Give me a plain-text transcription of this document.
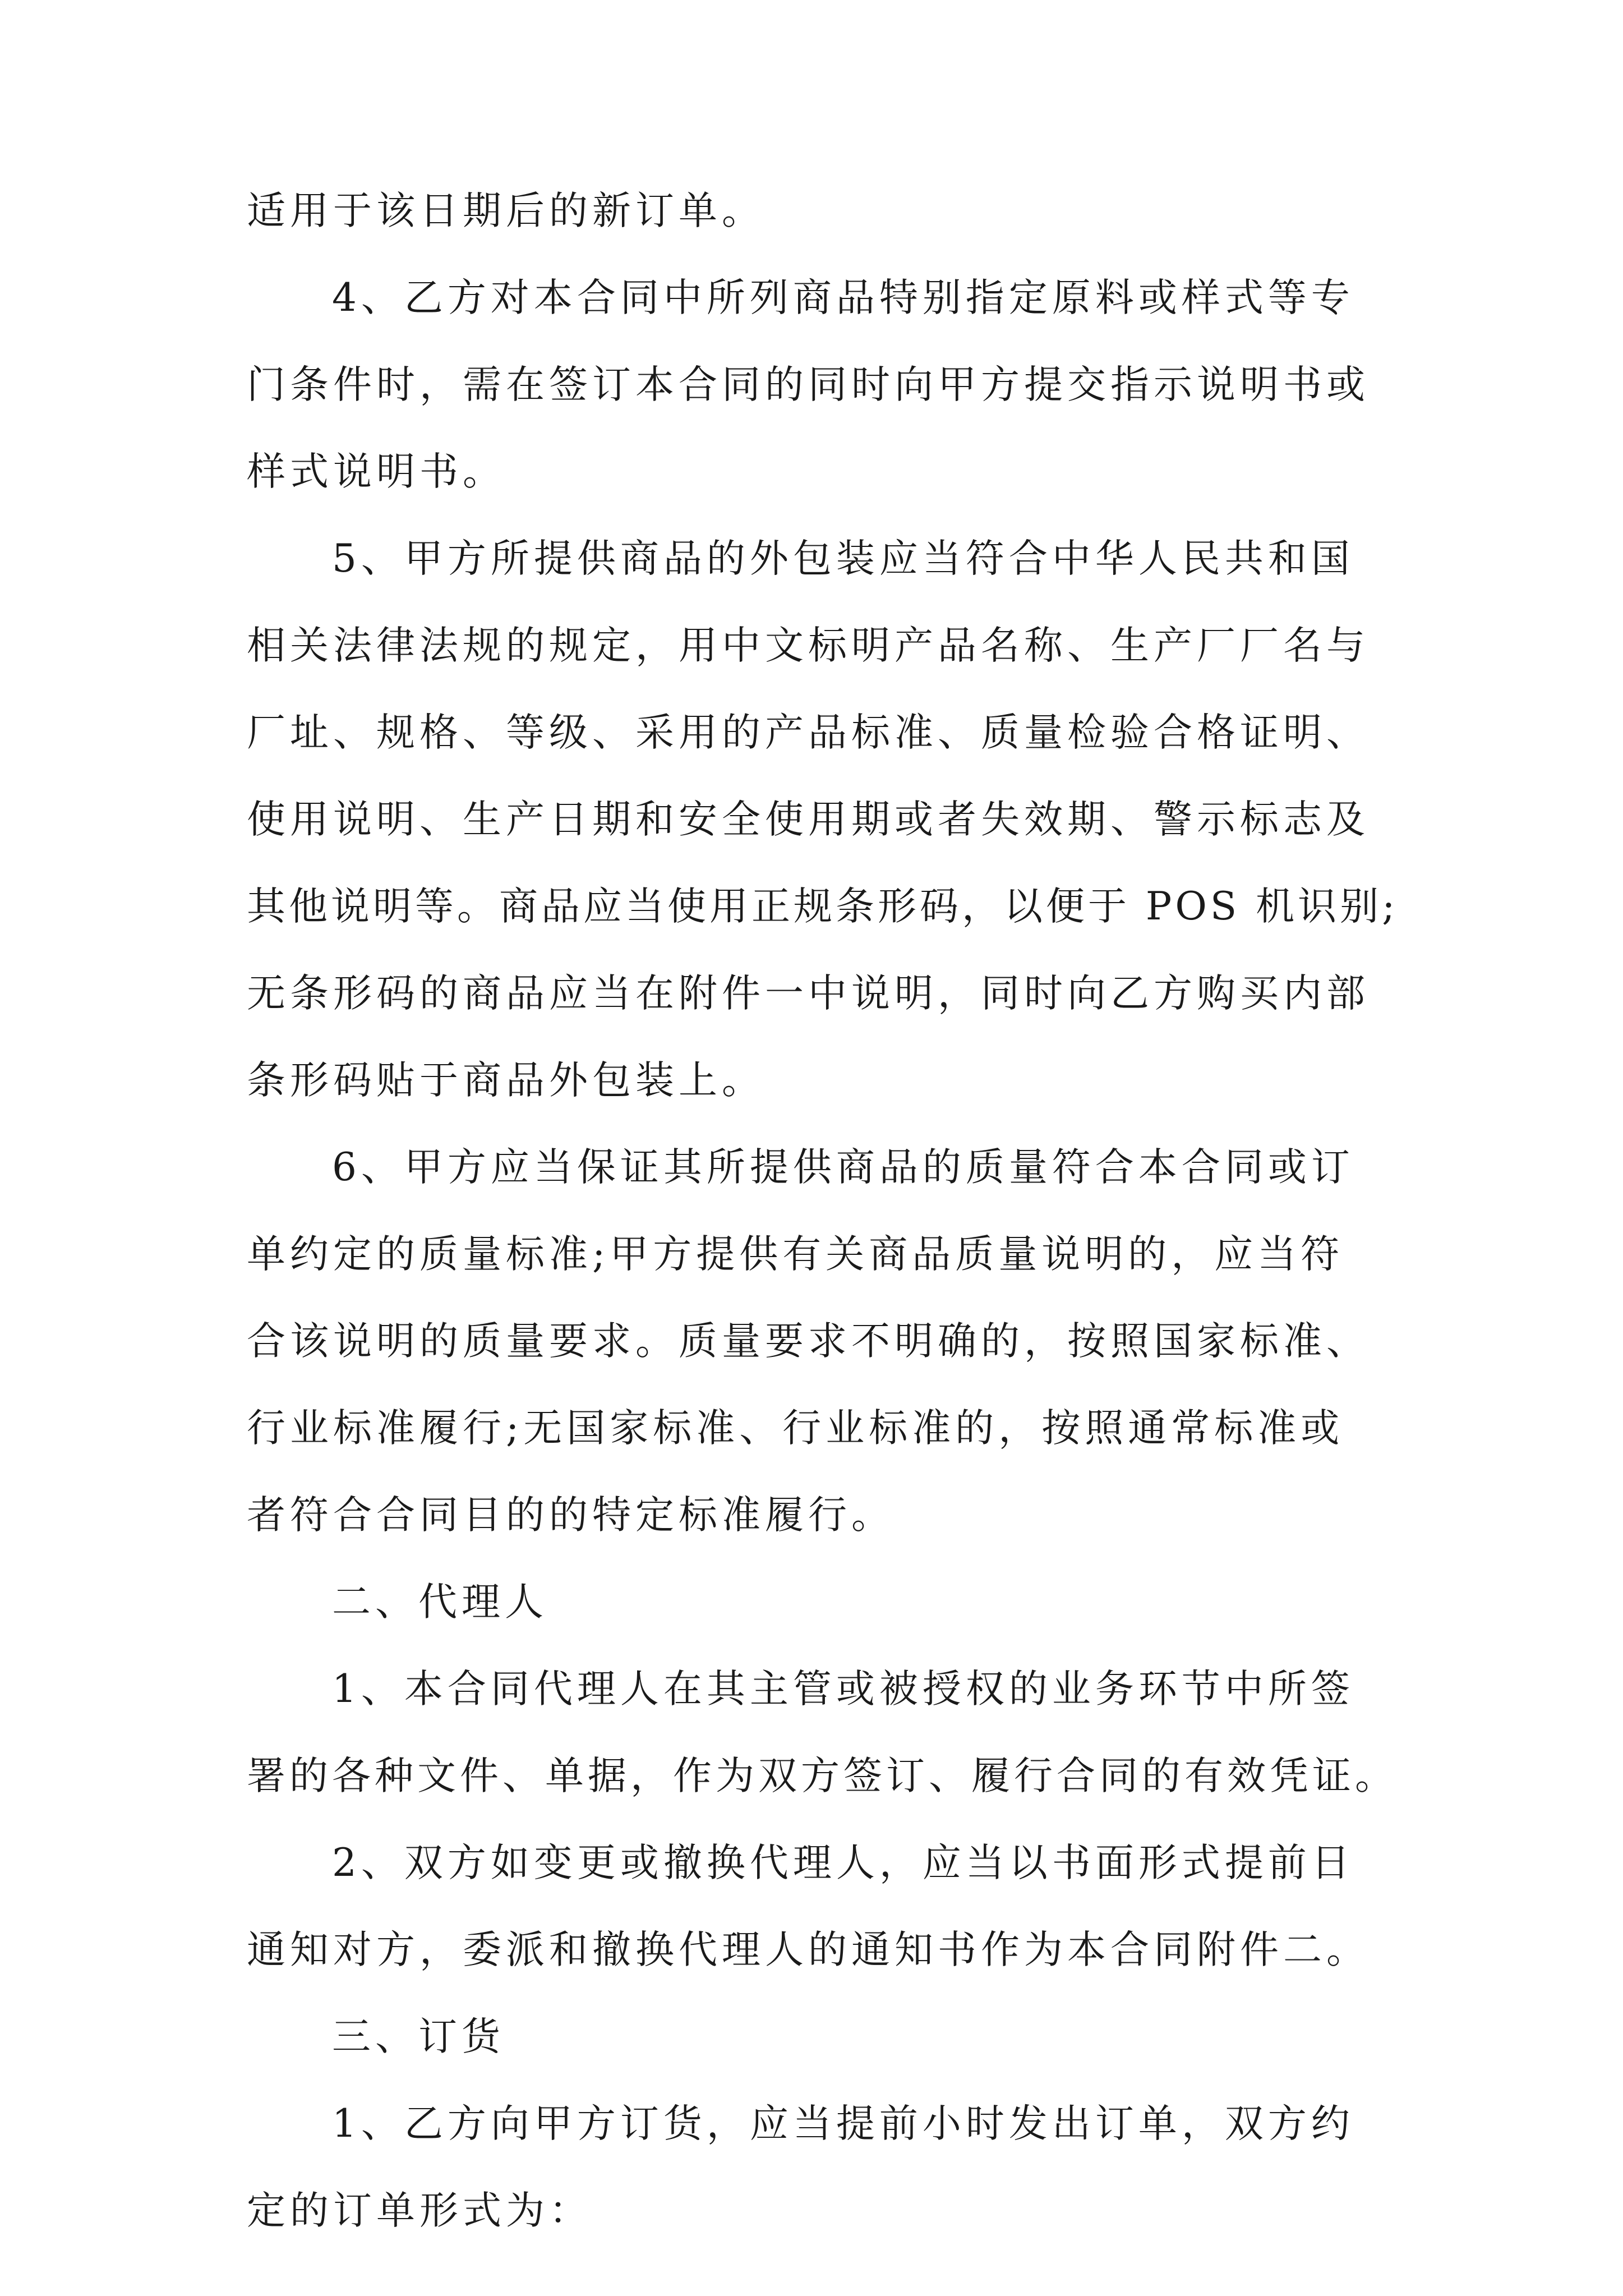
适用于该日期后的新订单。
4、乙方对本合同中所列商品特别指定原料或样式等专
门条件时，需在签订本合同的同时向甲方提交指示说明书或
样式说明书。
5、甲方所提供商品的外包装应当符合中华人民共和国
相关法律法规的规定，用中文标明产品名称、生产厂厂名与
厂址、规格、等级、采用的产品标准、质量检验合格证明、
使用说明、生产日期和安全使用期或者失效期、警示标志及
其他说明等。商品应当使用正规条形码，以便于 POS 机识别;
无条形码的商品应当在附件一中说明，同时向乙方购买内部
条形码贴于商品外包装上。
6、甲方应当保证其所提供商品的质量符合本合同或订
单约定的质量标准;甲方提供有关商品质量说明的，应当符
合该说明的质量要求。质量要求不明确的，按照国家标准、
行业标准履行;无国家标准、行业标准的，按照通常标准或
者符合合同目的的特定标准履行。
二、代理人
1、本合同代理人在其主管或被授权的业务环节中所签
署的各种文件、单据，作为双方签订、履行合同的有效凭证。
2、双方如变更或撤换代理人，应当以书面形式提前日
通知对方，委派和撤换代理人的通知书作为本合同附件二。
三、订货
1、乙方向甲方订货，应当提前小时发出订单，双方约
定的订单形式为：
